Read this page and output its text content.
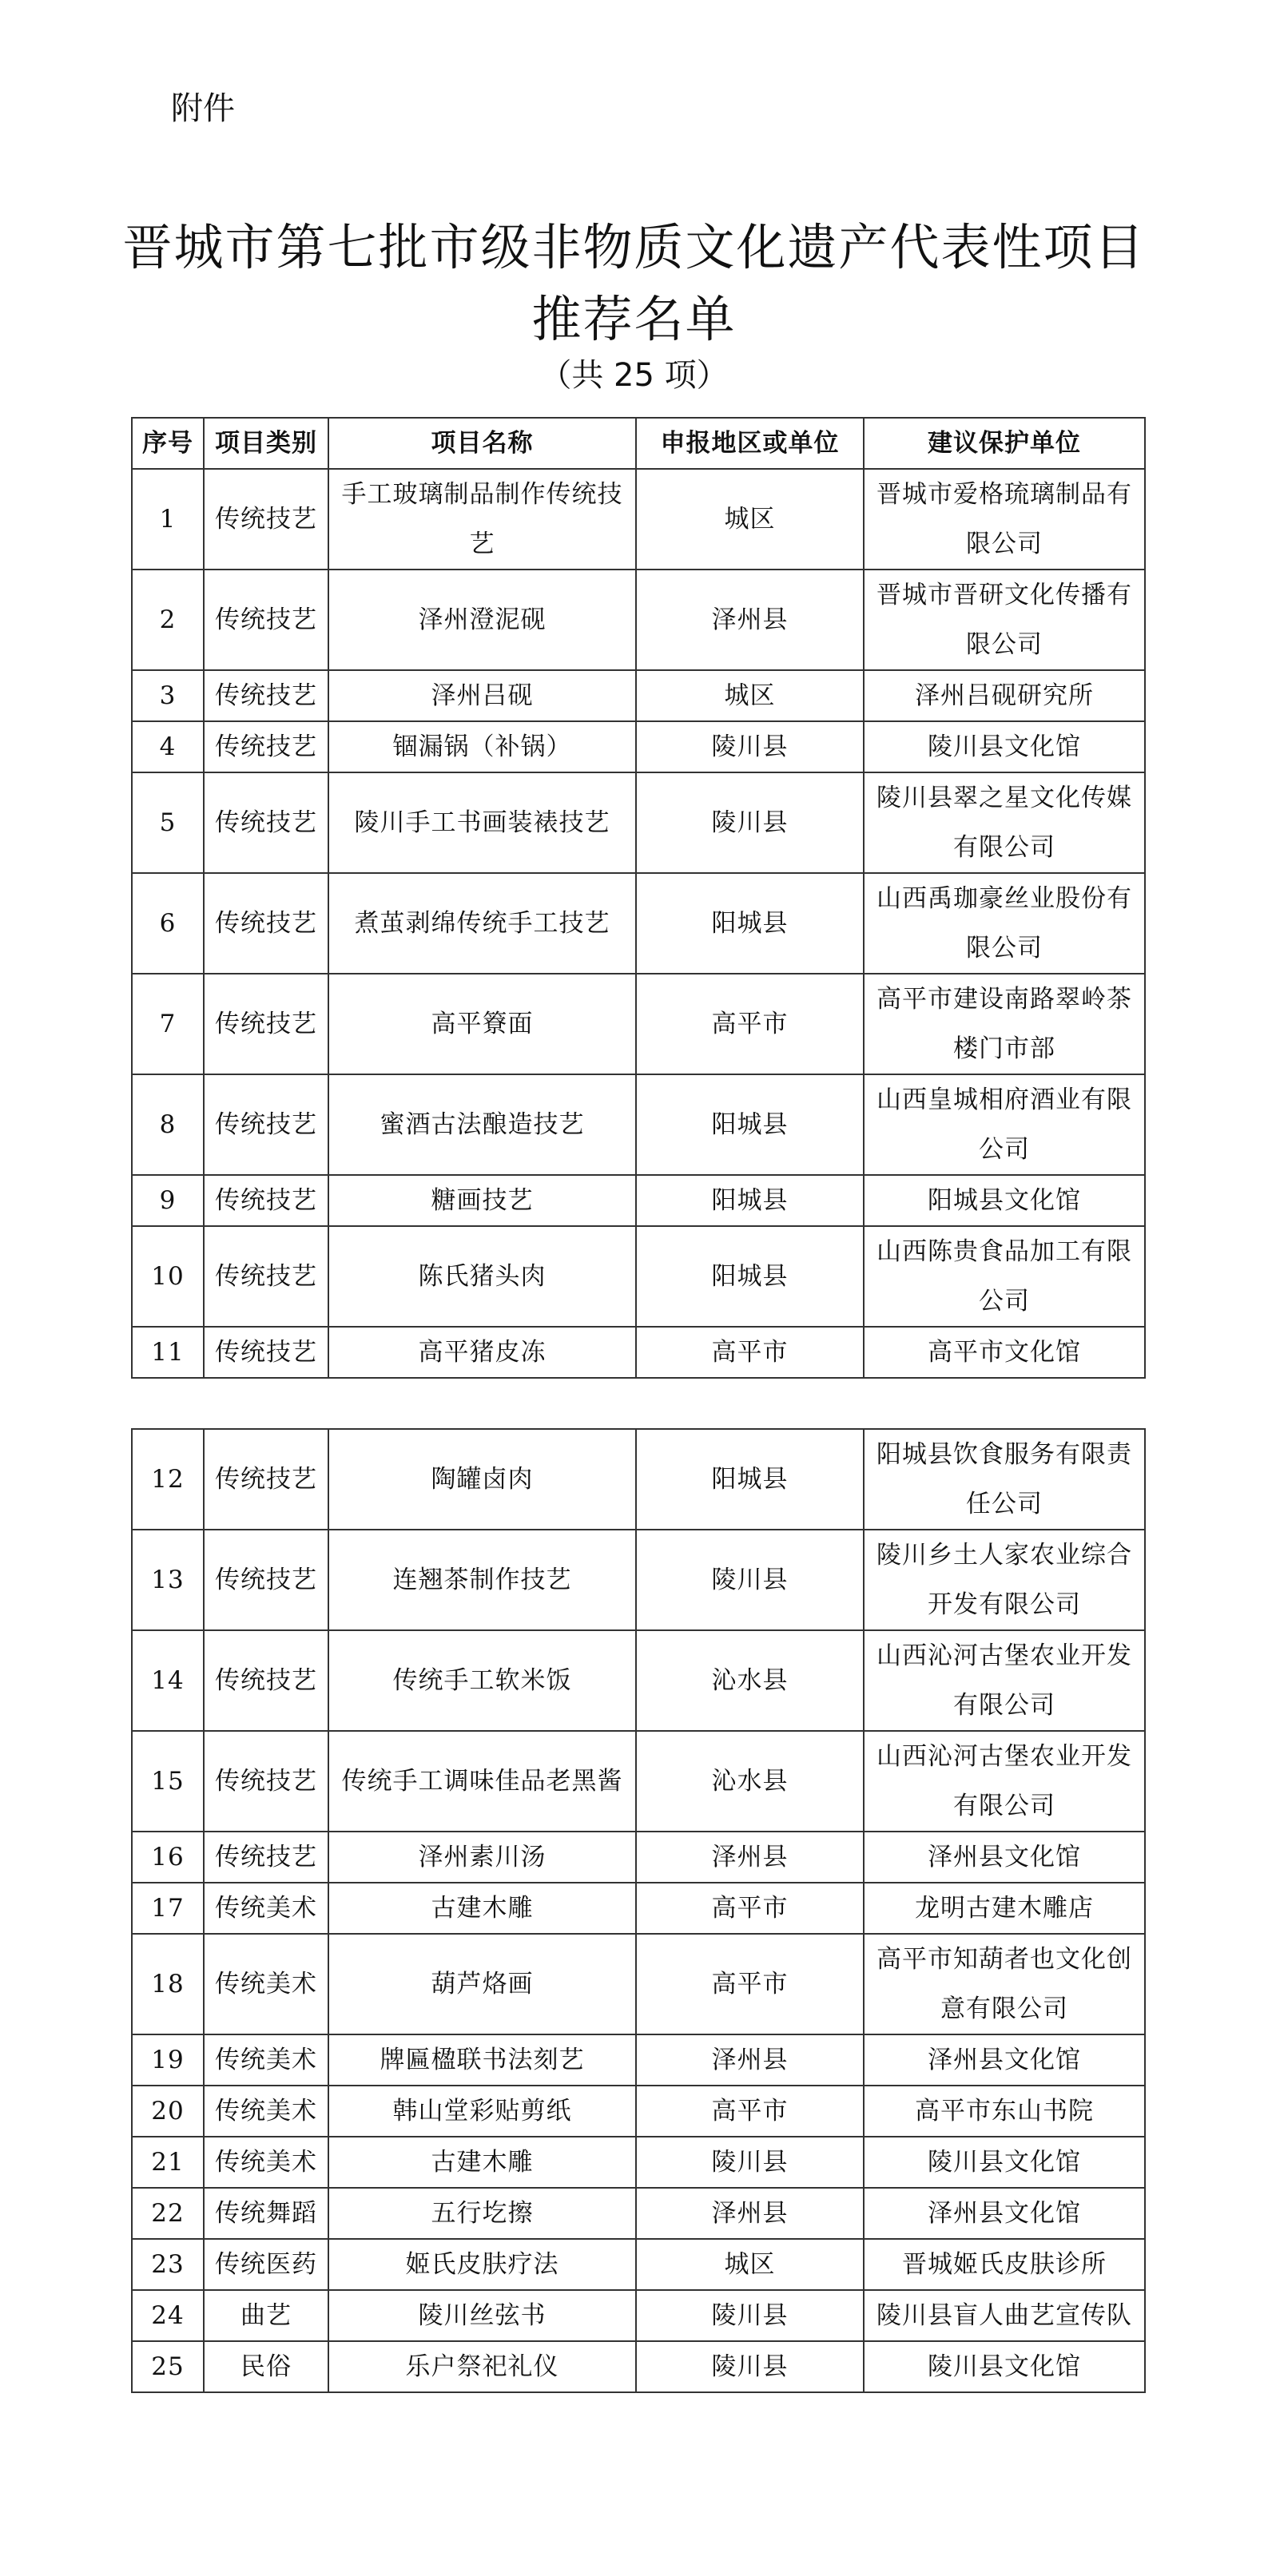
附件
晋城市第七批市级非物质文化遗产代表性项目
推荐名单
（共 25 项）
序号	项目类别	项目名称	申报地区或单位	建议保护单位
1	传统技艺	手工玻璃制品制作传统技艺	城区	晋城市爱格琉璃制品有限公司
2	传统技艺	泽州澄泥砚	泽州县	晋城市晋研文化传播有限公司
3	传统技艺	泽州吕砚	城区	泽州吕砚研究所
4	传统技艺	锢漏锅（补锅）	陵川县	陵川县文化馆
5	传统技艺	陵川手工书画装裱技艺	陵川县	陵川县翠之星文化传媒有限公司
6	传统技艺	煮茧剥绵传统手工技艺	阳城县	山西禹珈豪丝业股份有限公司
7	传统技艺	高平簝面	高平市	高平市建设南路翠岭茶楼门市部
8	传统技艺	蜜酒古法酿造技艺	阳城县	山西皇城相府酒业有限公司
9	传统技艺	糖画技艺	阳城县	阳城县文化馆
10	传统技艺	陈氏猪头肉	阳城县	山西陈贵食品加工有限公司
11	传统技艺	高平猪皮冻	高平市	高平市文化馆
12	传统技艺	陶罐卤肉	阳城县	阳城县饮食服务有限责任公司
13	传统技艺	连翘茶制作技艺	陵川县	陵川乡土人家农业综合开发有限公司
14	传统技艺	传统手工软米饭	沁水县	山西沁河古堡农业开发有限公司
15	传统技艺	传统手工调味佳品老黑酱	沁水县	山西沁河古堡农业开发有限公司
16	传统技艺	泽州素川汤	泽州县	泽州县文化馆
17	传统美术	古建木雕	高平市	龙明古建木雕店
18	传统美术	葫芦烙画	高平市	高平市知葫者也文化创意有限公司
19	传统美术	牌匾楹联书法刻艺	泽州县	泽州县文化馆
20	传统美术	韩山堂彩贴剪纸	高平市	高平市东山书院
21	传统美术	古建木雕	陵川县	陵川县文化馆
22	传统舞蹈	五行圪擦	泽州县	泽州县文化馆
23	传统医药	姬氏皮肤疗法	城区	晋城姬氏皮肤诊所
24	曲艺	陵川丝弦书	陵川县	陵川县盲人曲艺宣传队
25	民俗	乐户祭祀礼仪	陵川县	陵川县文化馆
